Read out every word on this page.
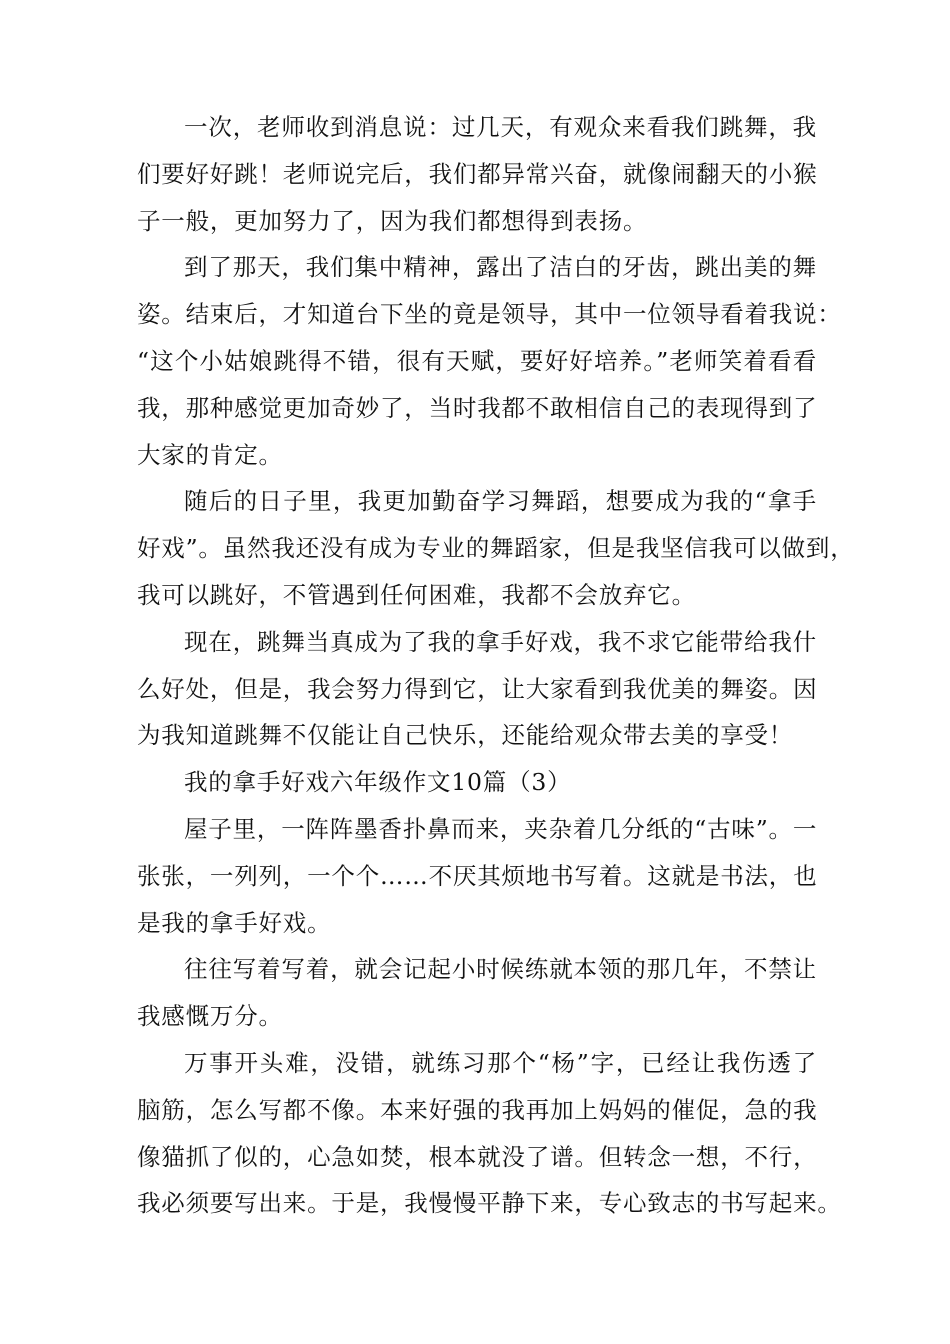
一次，老师收到消息说：过几天，有观众来看我们跳舞，我
们要好好跳！老师说完后，我们都异常兴奋，就像闹翻天的小猴
子一般，更加努力了，因为我们都想得到表扬。

到了那天，我们集中精神，露出了洁白的牙齿，跳出美的舞
姿。结束后，才知道台下坐的竟是领导，其中一位领导看着我说：
“这个小姑娘跳得不错，很有天赋，要好好培养。”老师笑着看看
我，那种感觉更加奇妙了，当时我都不敢相信自己的表现得到了
大家的肯定。

随后的日子里，我更加勤奋学习舞蹈，想要成为我的“拿手
好戏”。虽然我还没有成为专业的舞蹈家，但是我坚信我可以做到，
我可以跳好，不管遇到任何困难，我都不会放弃它。

现在，跳舞当真成为了我的拿手好戏，我不求它能带给我什
么好处，但是，我会努力得到它，让大家看到我优美的舞姿。因
为我知道跳舞不仅能让自己快乐，还能给观众带去美的享受！

我的拿手好戏六年级作文10篇（3）

屋子里，一阵阵墨香扑鼻而来，夹杂着几分纸的“古味”。一
张张，一列列，一个个……不厌其烦地书写着。这就是书法，也
是我的拿手好戏。

往往写着写着，就会记起小时候练就本领的那几年，不禁让
我感慨万分。

万事开头难，没错，就练习那个“杨”字，已经让我伤透了
脑筋，怎么写都不像。本来好强的我再加上妈妈的催促，急的我
像猫抓了似的，心急如焚，根本就没了谱。但转念一想，不行，
我必须要写出来。于是，我慢慢平静下来，专心致志的书写起来。
